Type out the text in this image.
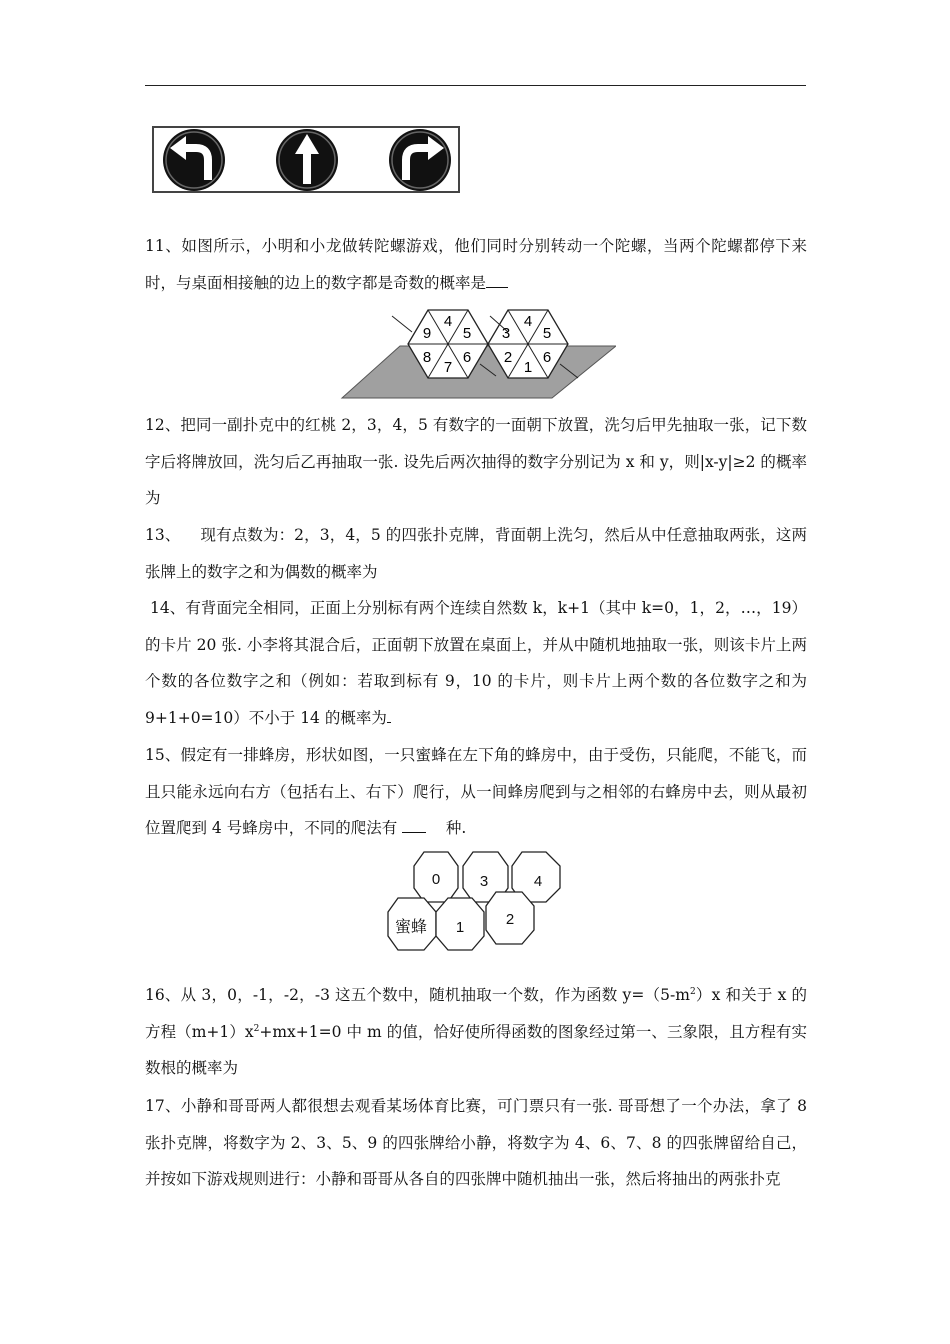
11、如图所示，小明和小龙做转陀螺游戏，他们同时分别转动一个陀螺，当两个陀螺都停下来时，与桌面相接触的边上的数字都是奇数的概率是

4
5
6
7
8
9
4
5
6
1
2
3

12、把同一副扑克中的红桃 2，3，4，5 有数字的一面朝下放置，洗匀后甲先抽取一张，记下数字后将牌放回，洗匀后乙再抽取一张. 设先后两次抽得的数字分别记为 x 和 y，则|x-y|≥2 的概率为

13、    现有点数为：2，3，4，5 的四张扑克牌，背面朝上洗匀，然后从中任意抽取两张，这两张牌上的数字之和为偶数的概率为

14、有背面完全相同，正面上分别标有两个连续自然数 k，k+1（其中 k=0，1，2，…，19）的卡片 20 张. 小李将其混合后，正面朝下放置在桌面上，并从中随机地抽取一张，则该卡片上两个数的各位数字之和（例如：若取到标有 9，10 的卡片，则卡片上两个数的各位数字之和为 9+1+0=10）不小于 14 的概率为

15、假定有一排蜂房，形状如图，一只蜜蜂在左下角的蜂房中，由于受伤，只能爬，不能飞，而且只能永远向右方（包括右上、右下）爬行，从一间蜂房爬到与之相邻的右蜂房中去，则从最初位置爬到 4 号蜂房中，不同的爬法有	种.

0	3	4
蜜蜂 1	2

16、从 3，0，-1，-2，-3 这五个数中，随机抽取一个数，作为函数 $y=(5-m^2)x$ 和关于 x 的方程$(m+1)x^2+mx+1=0$ 中 m 的值，恰好使所得函数的图象经过第一、三象限，且方程有实数根的概率为

17、小静和哥哥两人都很想去观看某场体育比赛，可门票只有一张. 哥哥想了一个办法，拿了 8 张扑克牌，将数字为 2、3、5、9 的四张牌给小静，将数字为 4、6、7、8 的四张牌留给自己，并按如下游戏规则进行：小静和哥哥从各自的四张牌中随机抽出一张，然后将抽出的两张扑克
